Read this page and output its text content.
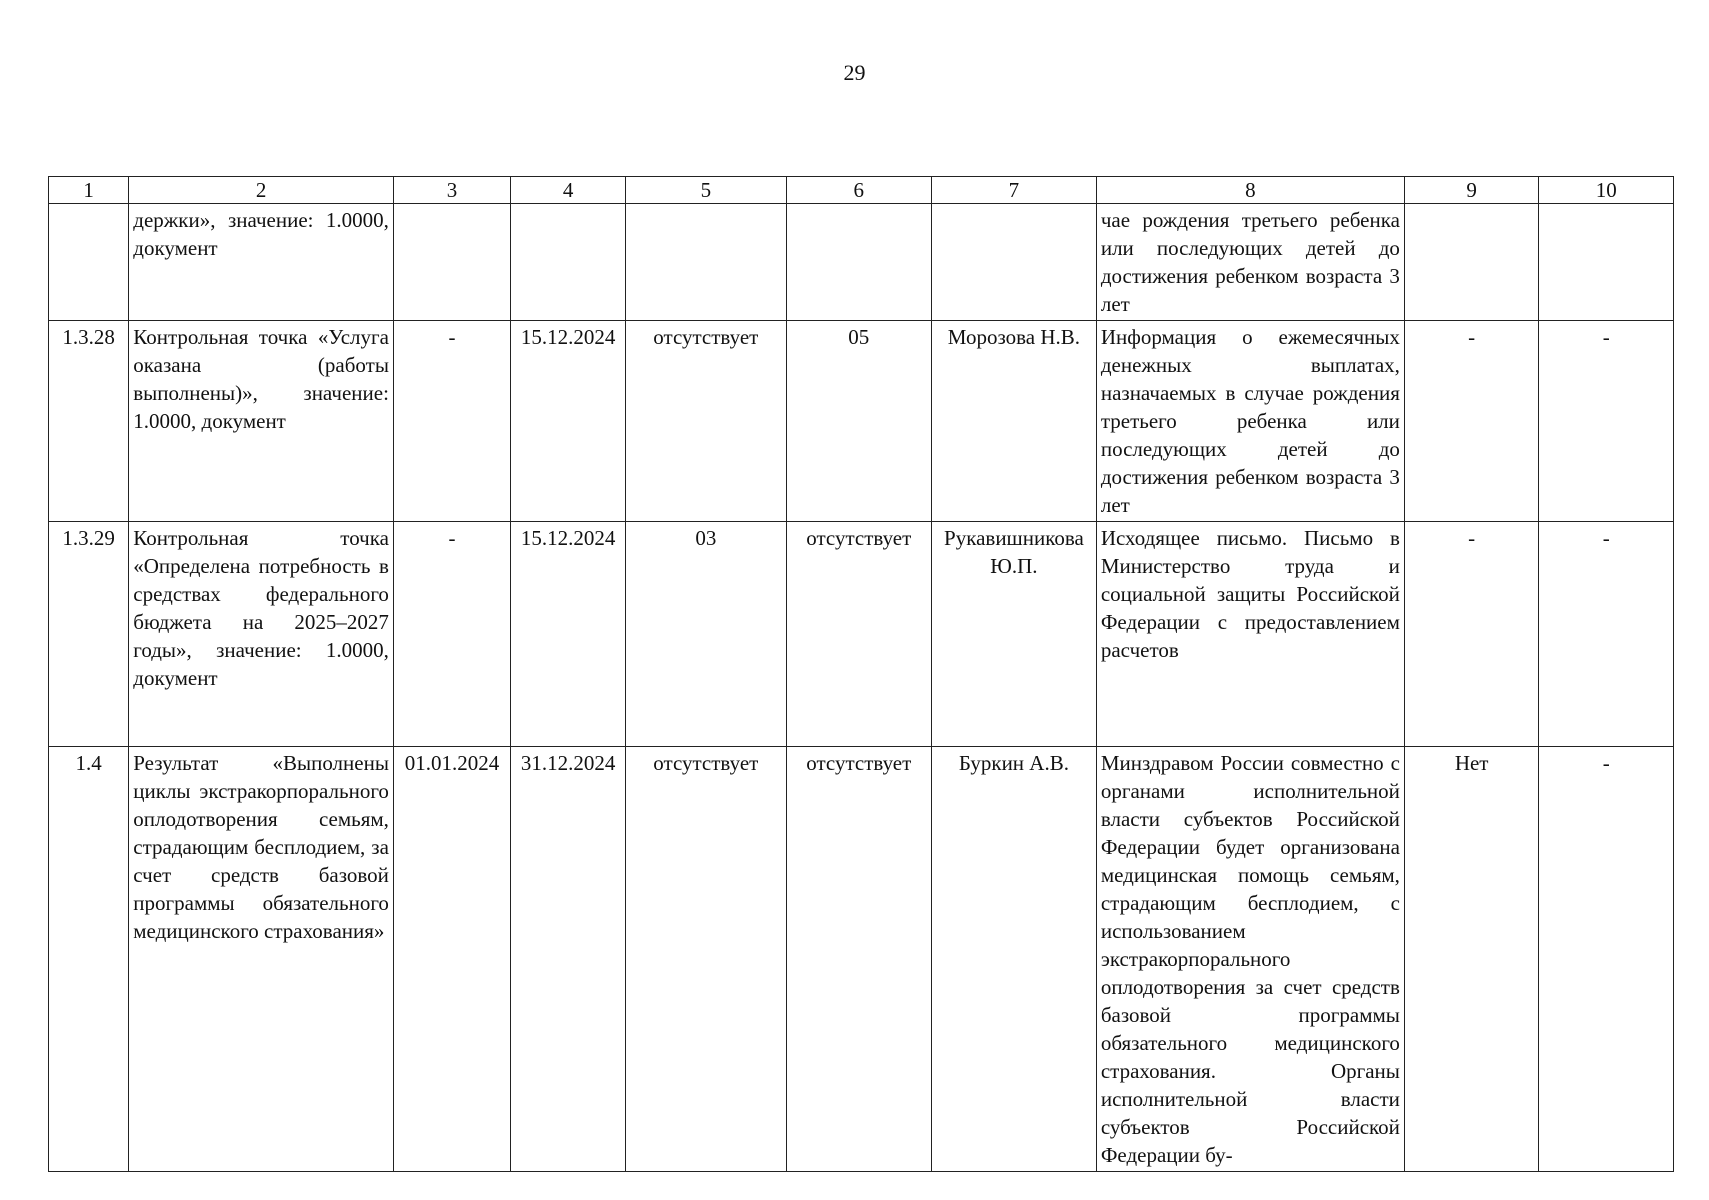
29
1	2	3	4	5	6	7	8	9	10
	держки», значение: 1.0000, документ						чае рождения третьего ребенка или последующих детей до достижения ребенком возраста 3 лет		
1.3.28	Контрольная точка «Услуга оказана (работы выполнены)», значение: 1.0000, документ	-	15.12.2024	отсутствует	05	Морозова Н.В.	Информация о ежемесячных денежных выплатах, назначаемых в случае рождения третьего ребенка или последующих детей до достижения ребенком возраста 3 лет	-	-
1.3.29	Контрольная точка «Определена потребность в средствах федерального бюджета на 2025–2027 годы», значение: 1.0000, документ	-	15.12.2024	03	отсутствует	Рукавишникова Ю.П.	Исходящее письмо. Письмо в Министерство труда и социальной защиты Российской Федерации с предоставлением расчетов	-	-
1.4	Результат «Выполнены циклы экстракорпорального оплодотворения семьям, страдающим бесплодием, за счет средств базовой программы обязательного медицинского страхования»	01.01.2024	31.12.2024	отсутствует	отсутствует	Буркин А.В.	Минздравом России совместно с органами исполнительной власти субъектов Российской Федерации будет организована медицинская помощь семьям, страдающим бесплодием, с использованием экстракорпорального оплодотворения за счет средств базовой программы обязательного медицинского страхования. Органы исполнительной власти субъектов Российской Федерации бу-	Нет	-
